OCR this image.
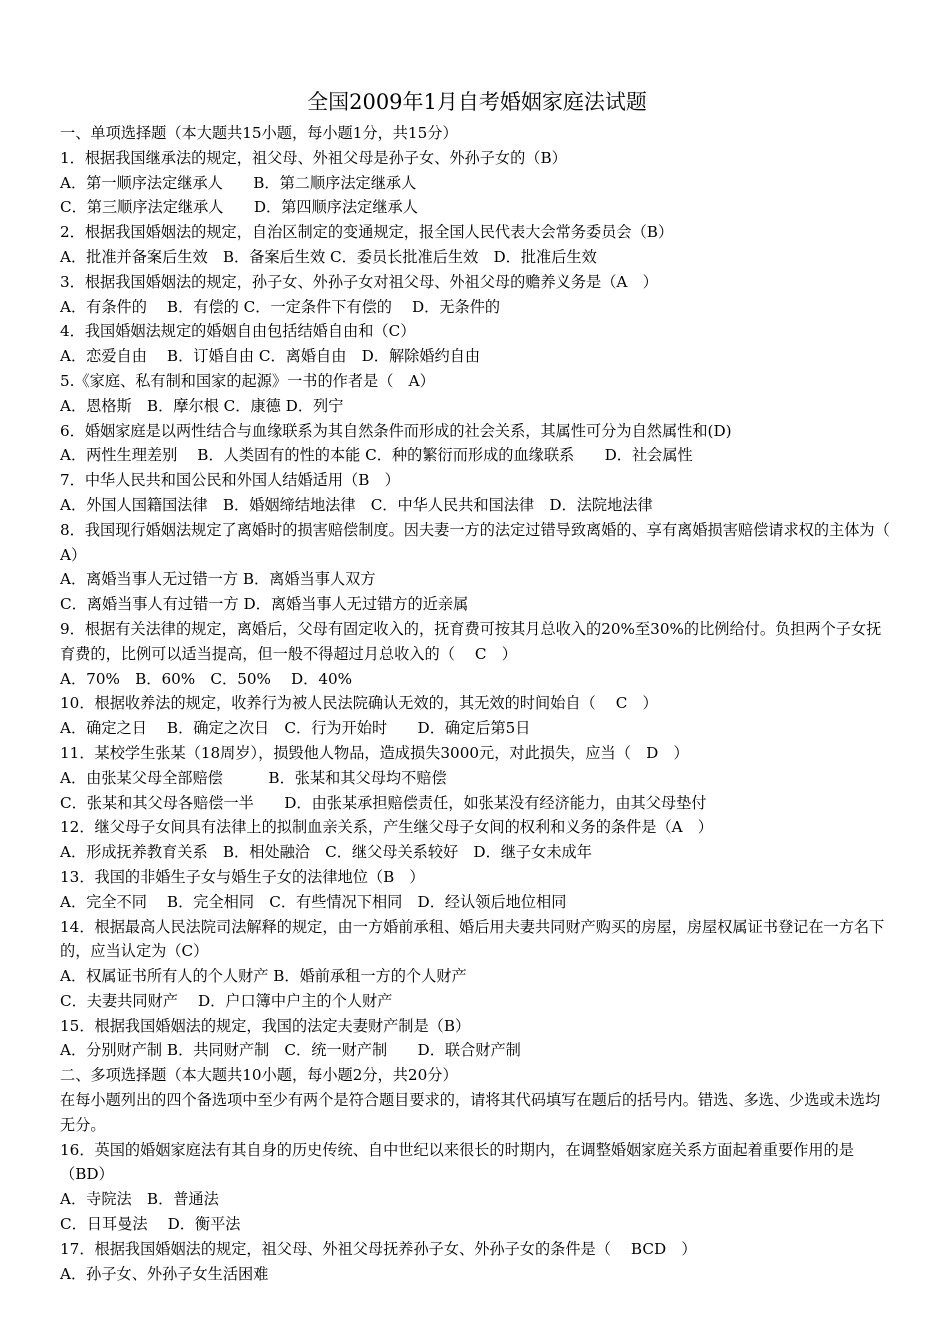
全国2009年1月自考婚姻家庭法试题

一、单项选择题（本大题共15小题，每小题1分，共15分）

1．根据我国继承法的规定，祖父母、外祖父母是孙子女、外孙子女的（B）

A．第一顺序法定继承人　　B．第二顺序法定继承人

C．第三顺序法定继承人　　D．第四顺序法定继承人

2．根据我国婚姻法的规定，自治区制定的变通规定，报全国人民代表大会常务委员会（B）

A．批准并备案后生效　B．备案后生效 C．委员长批准后生效　D．批准后生效

3．根据我国婚姻法的规定，孙子女、外孙子女对祖父母、外祖父母的赡养义务是（A　）

A．有条件的　 B．有偿的 C．一定条件下有偿的　 D．无条件的

4．我国婚姻法规定的婚姻自由包括结婚自由和（C）

A．恋爱自由　 B．订婚自由 C．离婚自由　D．解除婚约自由

5.《家庭、私有制和国家的起源》一书的作者是（　A）

A．恩格斯　B．摩尔根 C．康德 D．列宁

6．婚姻家庭是以两性结合与血缘联系为其自然条件而形成的社会关系，其属性可分为自然属性和(D)

A．两性生理差别　 B．人类固有的性的本能 C．种的繁衍而形成的血缘联系　　D．社会属性

7．中华人民共和国公民和外国人结婚适用（B　）

A．外国人国籍国法律　B．婚姻缔结地法律　C．中华人民共和国法律　D．法院地法律

8．我国现行婚姻法规定了离婚时的损害赔偿制度。因夫妻一方的法定过错导致离婚的、享有离婚损害赔偿请求权的主体为（　A）

A．离婚当事人无过错一方 B．离婚当事人双方

C．离婚当事人有过错一方 D．离婚当事人无过错方的近亲属

9．根据有关法律的规定，离婚后，父母有固定收入的，抚育费可按其月总收入的20%至30%的比例给付。负担两个子女抚育费的，比例可以适当提高，但一般不得超过月总收入的（　 C　）

A．70%　B．60%　C．50%　 D．40%

10．根据收养法的规定，收养行为被人民法院确认无效的，其无效的时间始自（　 C　）

A．确定之日　 B．确定之次日　C．行为开始时　　D．确定后第5日

11．某校学生张某（18周岁），损毁他人物品，造成损失3000元，对此损失，应当（　D　）

A．由张某父母全部赔偿　　　B．张某和其父母均不赔偿

C．张某和其父母各赔偿一半　　D．由张某承担赔偿责任，如张某没有经济能力，由其父母垫付

12．继父母子女间具有法律上的拟制血亲关系，产生继父母子女间的权利和义务的条件是（A　）

A．形成抚养教育关系　B．相处融洽　C．继父母关系较好　D．继子女未成年

13．我国的非婚生子女与婚生子女的法律地位（B　）

A．完全不同　 B．完全相同　C．有些情况下相同　D．经认领后地位相同

14．根据最高人民法院司法解释的规定，由一方婚前承租、婚后用夫妻共同财产购买的房屋，房屋权属证书登记在一方名下的，应当认定为（C）

A．权属证书所有人的个人财产 B．婚前承租一方的个人财产

C．夫妻共同财产　 D．户口簿中户主的个人财产

15．根据我国婚姻法的规定，我国的法定夫妻财产制是（B）

A．分别财产制 B．共同财产制　C．统一财产制　　D．联合财产制

二、多项选择题（本大题共10小题，每小题2分，共20分）

在每小题列出的四个备选项中至少有两个是符合题目要求的，请将其代码填写在题后的括号内。错选、多选、少选或未选均无分。

16．英国的婚姻家庭法有其自身的历史传统、自中世纪以来很长的时期内，在调整婚姻家庭关系方面起着重要作用的是（BD）

A．寺院法　B．普通法

C．日耳曼法　 D．衡平法

17．根据我国婚姻法的规定，祖父母、外祖父母抚养孙子女、外孙子女的条件是（　 BCD　）

A．孙子女、外孙子女生活困难
